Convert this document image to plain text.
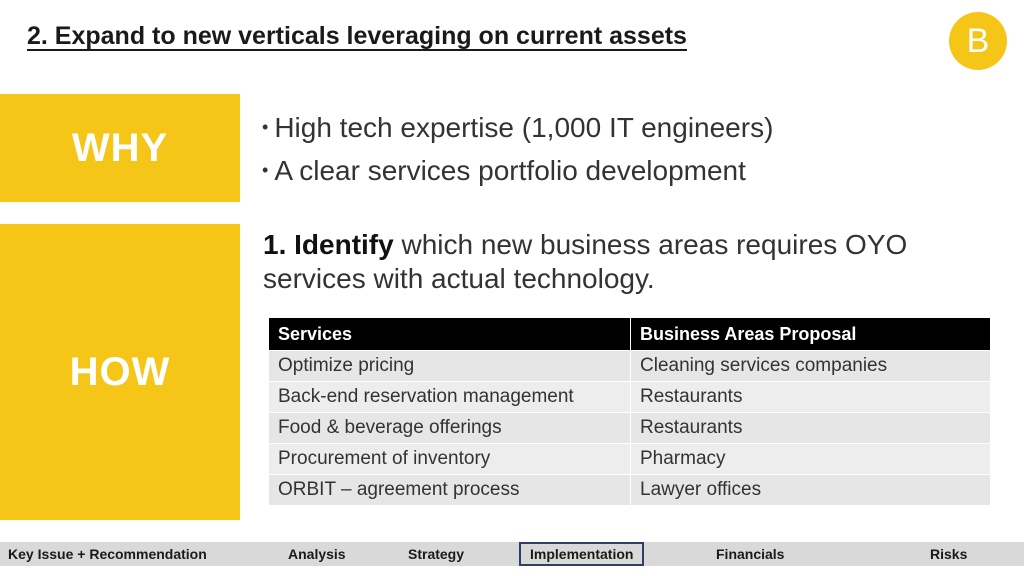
2. Expand to new verticals leveraging on current assets	B
WHY	• High tech expertise (1,000 IT engineers)
• A clear services portfolio development
HOW
1. Identify which new business areas requires OYO services with actual technology.
Services	Business Areas Proposal
Optimize pricing	Cleaning services companies
Back-end reservation management	Restaurants
Food & beverage offerings	Restaurants
Procurement of inventory	Pharmacy
ORBIT – agreement process	Lawyer offices
Key Issue + Recommendation	Analysis	Strategy	Implementation	Financials	Risks
